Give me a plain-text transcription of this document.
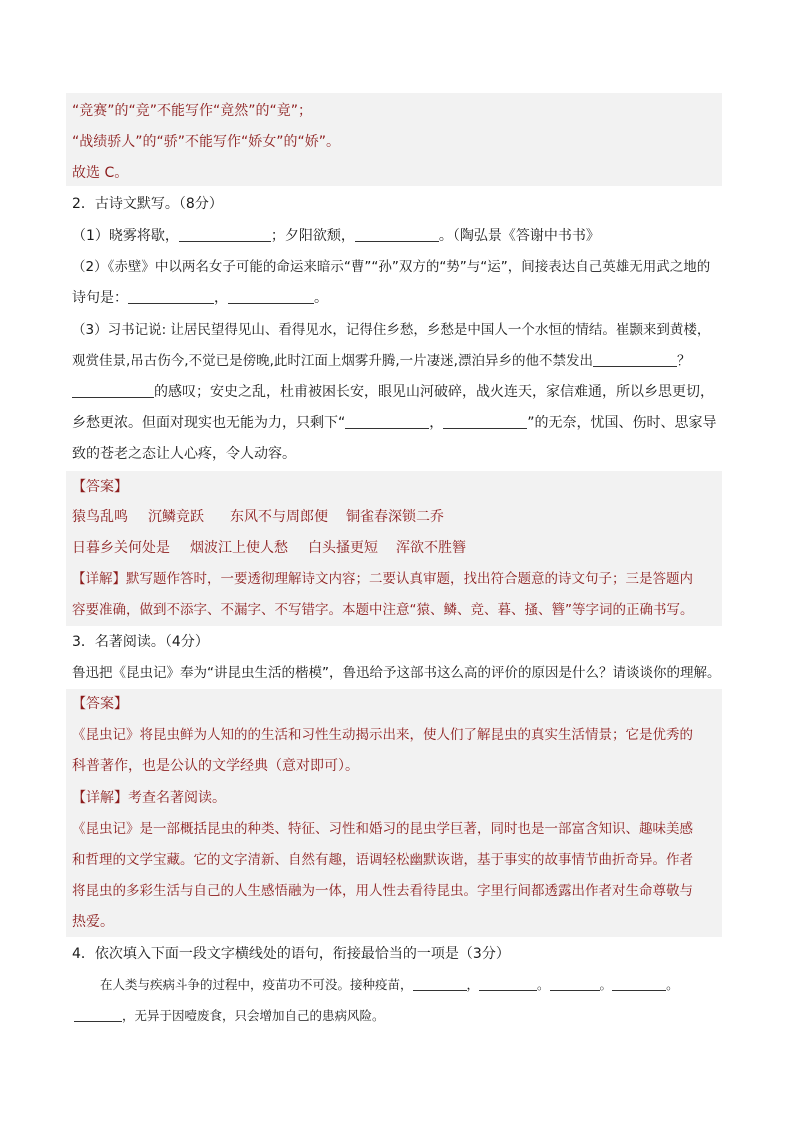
“竞赛”的“竞”不能写作“竟然”的“竟”；
“战绩骄人”的“骄”不能写作“娇女”的“娇”。
故选 C。
2．古诗文默写。（8分）
（1）晓雾将歇，	；夕阳欲颓，	。（陶弘景《答谢中书书》
（2）《赤壁》中以两名女子可能的命运来暗示“曹”“孙”双方的“势”与“运”，间接表达自己英雄无用武之地的
诗句是：	，	。
（3）习书记说: 让居民望得见山、看得见水，记得住乡愁，乡愁是中国人一个水恒的情结。崔颢来到黄楼，
观赏佳景,吊古伤今,不觉已是傍晚,此时江面上烟雾升腾,一片凄迷,漂泊异乡的他不禁发出	？
的感叹；安史之乱，杜甫被困长安，眼见山河破碎，战火连天，家信难通，所以乡思更切，
乡愁更浓。但面对现实也无能为力，只剩下“	，	”的无奈，忧国、伤时、思家导
致的苍老之态让人心疼，令人动容。
【答案】
猿鸟乱鸣 沉鳞竞跃 东风不与周郎便 铜雀春深锁二乔
日暮乡关何处是 烟波江上使人愁 白头搔更短 浑欲不胜簪
【详解】默写题作答时，一要透彻理解诗文内容；二要认真审题，找出符合题意的诗文句子；三是答题内
容要准确，做到不添字、不漏字、不写错字。本题中注意“猿、鳞、竞、暮、搔、簪”等字词的正确书写。
3．名著阅读。（4分）
鲁迅把《昆虫记》奉为“讲昆虫生活的楷模”，鲁迅给予这部书这么高的评价的原因是什么？请谈谈你的理解。
【答案】
《昆虫记》将昆虫鲜为人知的的生活和习性生动揭示出来，使人们了解昆虫的真实生活情景；它是优秀的
科普著作，也是公认的文学经典（意对即可）。
【详解】考查名著阅读。
《昆虫记》是一部概括昆虫的种类、特征、习性和婚习的昆虫学巨著，同时也是一部富含知识、趣味美感
和哲理的文学宝藏。它的文字清新、自然有趣，语调轻松幽默诙谐，基于事实的故事情节曲折奇异。作者
将昆虫的多彩生活与自己的人生感悟融为一体，用人性去看待昆虫。字里行间都透露出作者对生命尊敬与
热爱。
4．依次填入下面一段文字横线处的语句，衔接最恰当的一项是（3分）
在人类与疾病斗争的过程中，疫苗功不可没。接种疫苗，	，	。	。	。
，无异于因噎废食，只会增加自己的患病风险。
